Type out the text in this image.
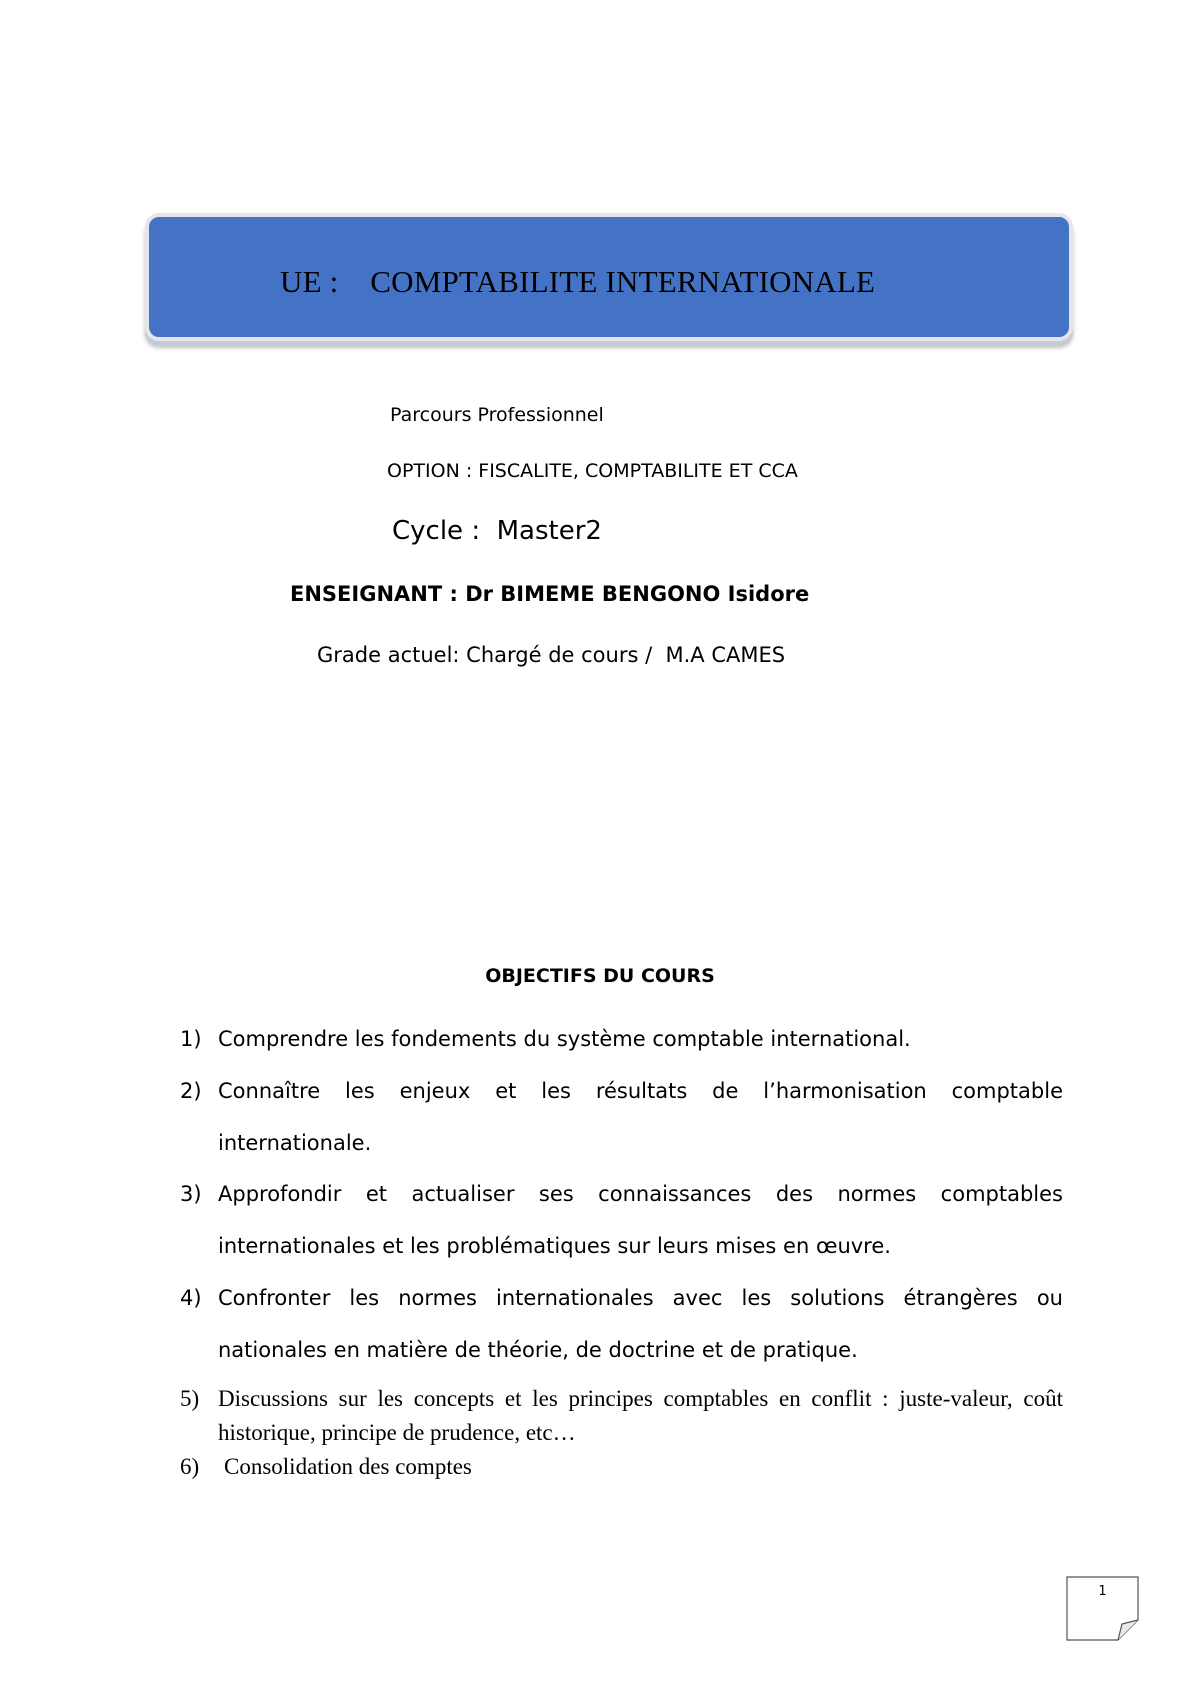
UE :    COMPTABILITE INTERNATIONALE
Parcours Professionnel
OPTION : FISCALITE, COMPTABILITE ET CCA
Cycle :  Master2
ENSEIGNANT : Dr BIMEME BENGONO Isidore
Grade actuel: Chargé de cours /  M.A CAMES
OBJECTIFS DU COURS
1) Comprendre les fondements du système comptable international.
2) Connaître les enjeux et les résultats de l’harmonisation comptable internationale.
3) Approfondir et actualiser ses connaissances des normes comptables internationales et les problématiques sur leurs mises en œuvre.
4) Confronter les normes internationales avec les solutions étrangères ou nationales en matière de théorie, de doctrine et de pratique.
5) Discussions sur les concepts et les principes comptables en conflit : juste-valeur, coût historique, principe de prudence, etc…
6) Consolidation des comptes
1
